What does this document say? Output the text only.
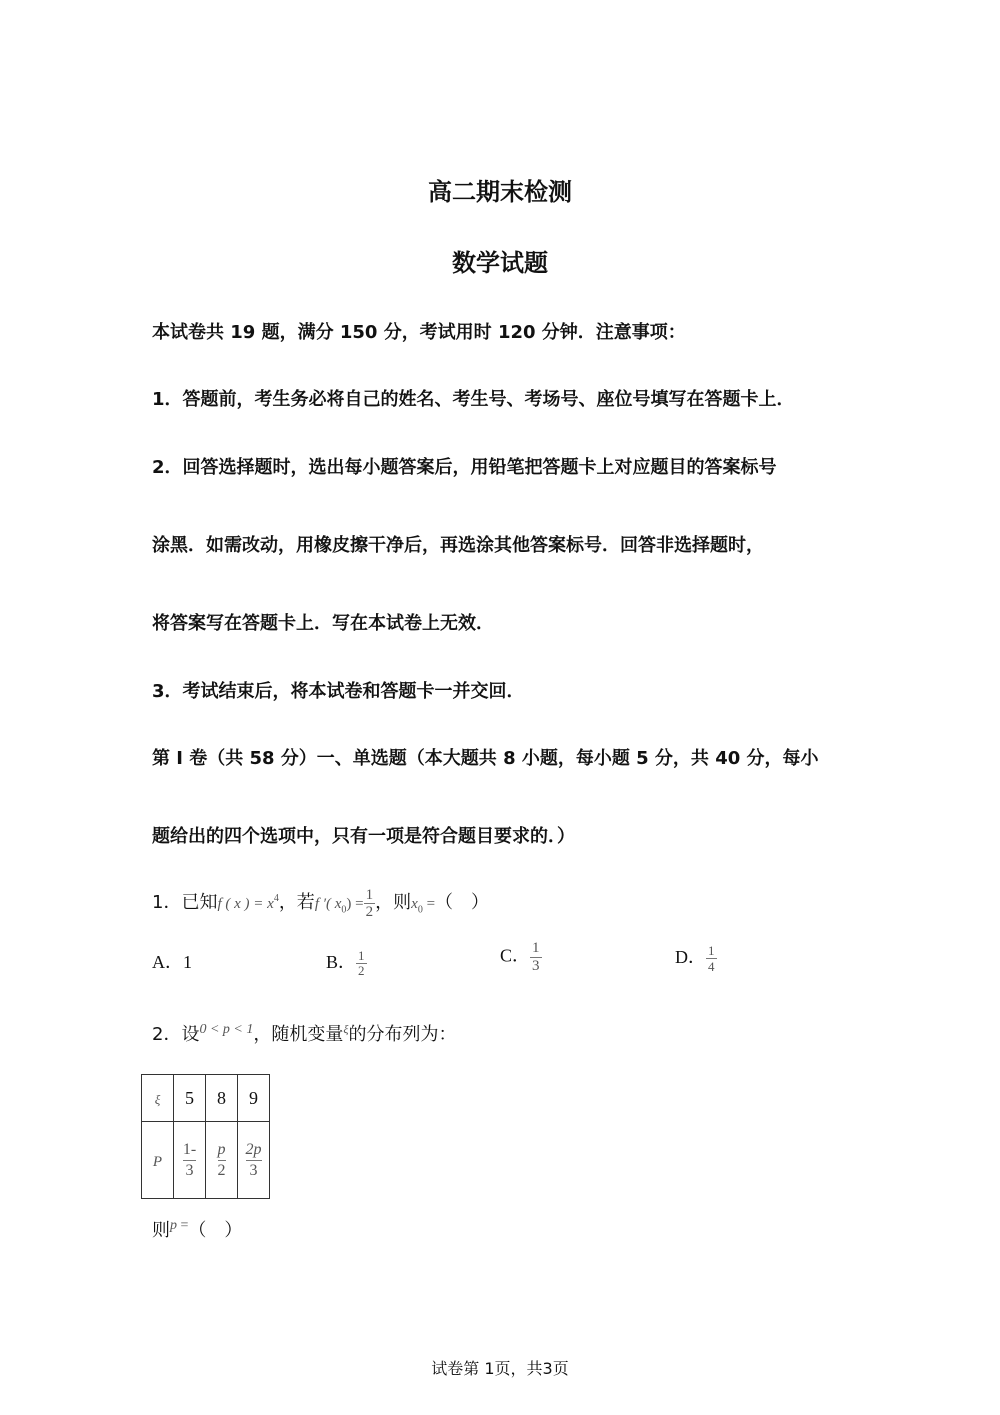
高二期末检测
数学试题
本试卷共 19 题，满分 150 分，考试用时 120 分钟．注意事项：
1．答题前，考生务必将自己的姓名、考生号、考场号、座位号填写在答题卡上．
2．回答选择题时，选出每小题答案后，用铅笔把答题卡上对应题目的答案标号
涂黑．如需改动，用橡皮擦干净后，再选涂其他答案标号．回答非选择题时，
将答案写在答题卡上．写在本试卷上无效．
3．考试结束后，将本试卷和答题卡一并交回．
第 I 卷（共 58 分）一、单选题（本大题共 8 小题，每小题 5 分，共 40 分，每小
题给出的四个选项中，只有一项是符合题目要求的．）
1．已知f ( x ) = $x^4$，若f ′( $x_0) = \frac{1}{2}$ ，则$x_0$ =（　）
A．1	B． $\frac{1}{2}$	C． $\frac{1}{3}$	D． $\frac{1}{4}$
2．设$^{0 < p < 1}$，随机变量$^\xi$的分布列为：
ξ	5	8	9
P	$\frac{1-}{3}$	$\frac{p}{2}$	$\frac{2p}{3}$
则$^p$ =（　）
试卷第 1页，共3页
